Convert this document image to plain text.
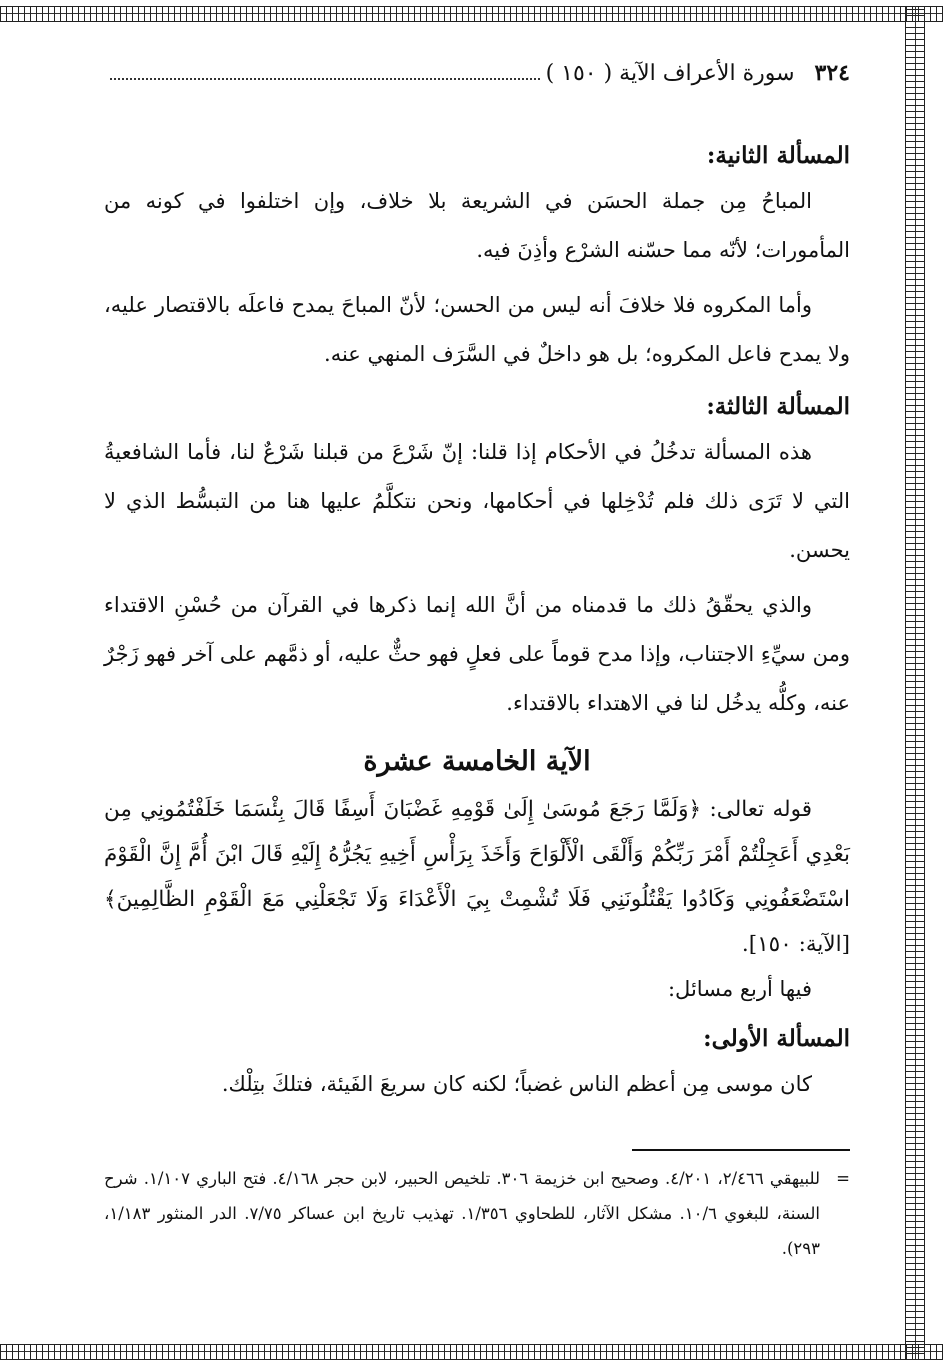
٣٢٤
سورة الأعراف الآية ( ١٥٠ )
المسألة الثانية:

المباحُ مِن جملة الحسَن في الشريعة بلا خلاف، وإن اختلفوا في كونه من المأمورات؛ لأنّه مما حسّنه الشرْع وأذِنَ فيه.

وأما المكروه فلا خلافَ أنه ليس من الحسن؛ لأنّ المباحَ يمدح فاعلَه بالاقتصار عليه، ولا يمدح فاعل المكروه؛ بل هو داخلٌ في السَّرَف المنهي عنه.

المسألة الثالثة:

هذه المسألة تدخُلُ في الأحكام إذا قلنا: إنّ شَرْعَ من قبلنا شَرْعٌ لنا، فأما الشافعيةُ التي لا تَرَى ذلك فلم تُدْخِلها في أحكامها، ونحن نتكلَّمُ عليها هنا من التبسُّط الذي لا يحسن.

والذي يحقّقُ ذلك ما قدمناه من أنَّ الله إنما ذكرها في القرآن من حُسْنِ الاقتداء ومن سيِّءِ الاجتناب، وإذا مدح قوماً على فعلٍ فهو حثٌّ عليه، أو ذمَّهم على آخر فهو زَجْرٌ عنه، وكلُّه يدخُل لنا في الاهتداء بالاقتداء.

الآية الخامسة عشرة

قوله تعالى: ﴿وَلَمَّا رَجَعَ مُوسَىٰ إِلَىٰ قَوْمِهِ غَضْبَانَ أَسِفًا قَالَ بِئْسَمَا خَلَفْتُمُونِي مِن بَعْدِي أَعَجِلْتُمْ أَمْرَ رَبِّكُمْ وَأَلْقَى الْأَلْوَاحَ وَأَخَذَ بِرَأْسِ أَخِيهِ يَجُرُّهُ إِلَيْهِ قَالَ ابْنَ أُمَّ إِنَّ الْقَوْمَ اسْتَضْعَفُونِي وَكَادُوا يَقْتُلُونَنِي فَلَا تُشْمِتْ بِيَ الْأَعْدَاءَ وَلَا تَجْعَلْنِي مَعَ الْقَوْمِ الظَّالِمِينَ﴾ [الآية: ١٥٠].

فيها أربع مسائل:

المسألة الأولى:

كان موسى مِن أعظم الناس غضباً؛ لكنه كان سريعَ الفَيئة، فتلكَ بتِلْك.

=
للبيهقي ٢/٤٦٦، ٤/٢٠١. وصحيح ابن خزيمة ٣٠٦. تلخيص الحبير، لابن حجر ٤/١٦٨. فتح الباري ١/١٠٧. شرح السنة، للبغوي ١٠/٦. مشكل الآثار، للطحاوي ١/٣٥٦. تهذيب تاريخ ابن عساكر ٧/٧٥. الدر المنثور ١/١٨٣، ٢٩٣).
